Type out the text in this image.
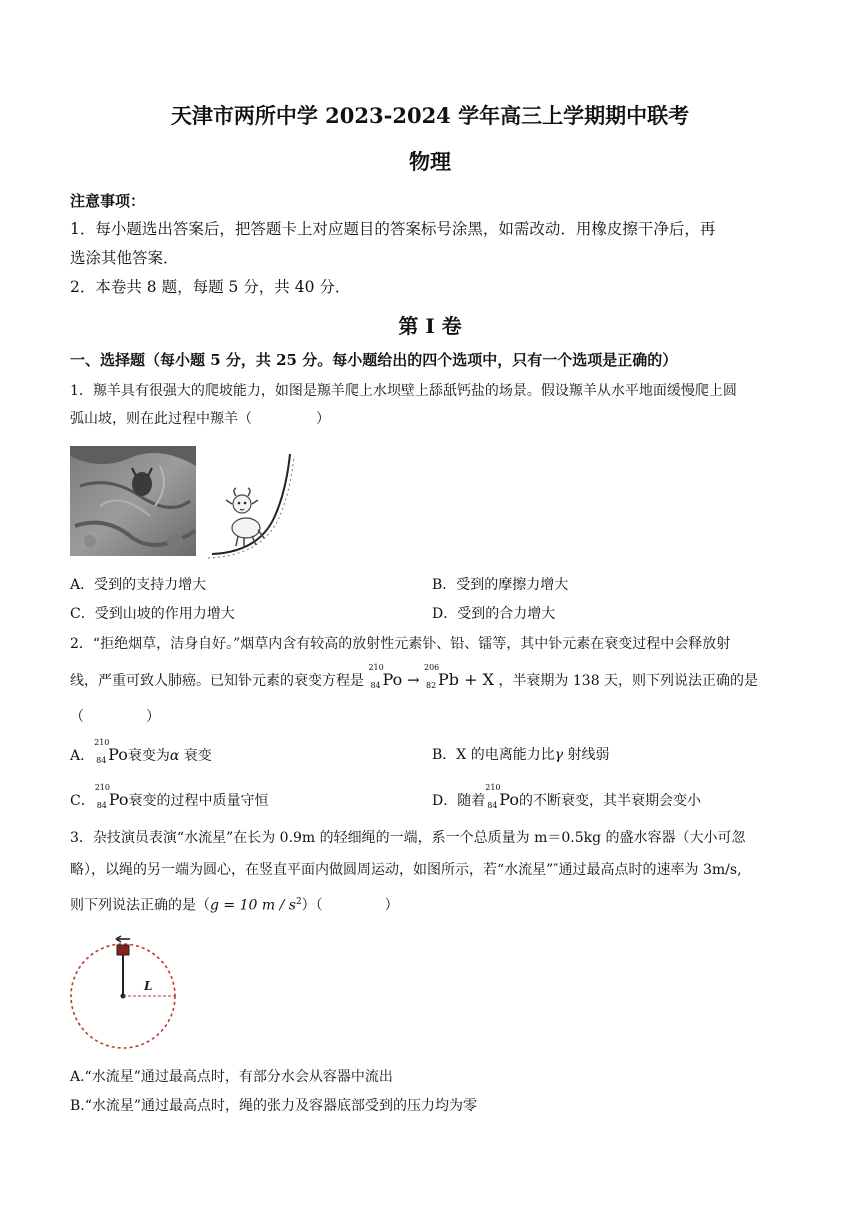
天津市两所中学 2023-2024 学年高三上学期期中联考
物理
注意事项：
1．每小题选出答案后，把答题卡上对应题目的答案标号涂黑，如需改动．用橡皮擦干净后，再
选涂其他答案．
2．本卷共 8 题，每题 5 分，共 40 分．
第 I 卷
一、选择题（每小题 5 分，共 25 分。每小题给出的四个选项中，只有一个选项是正确的）
1．羱羊具有很强大的爬坡能力，如图是羱羊爬上水坝壁上舔舐钙盐的场景。假设羱羊从水平地面缓慢爬上圆
弧山坡，则在此过程中羱羊（	）
A．受到的支持力增大	B．受到的摩擦力增大
C．受到山坡的作用力增大	D．受到的合力增大
2．“拒绝烟草，洁身自好。”烟草内含有较高的放射性元素钋、铅、镭等，其中钋元素在衰变过程中会释放射
线，严重可致人肺癌。已知钋元素的衰变方程是
210
84 Po →
206
82 Pb + X ，半衰期为 138 天，则下列说法正确的是
（	）
A．
210
84 Po衰变为α 衰变	B．X 的电离能力比γ 射线弱
C．
210
84 Po衰变的过程中质量守恒	D．随着
210
84 Po的不断衰变，其半衰期会变小
3．杂技演员表演“水流星”在长为 0.9m 的轻细绳的一端，系一个总质量为 m＝0.5kg 的盛水容器（大小可忽
略），以绳的另一端为圆心，在竖直平面内做圆周运动，如图所示，若“水流星”″通过最高点时的速率为 3m/s,
则下列说法正确的是（g = 10 m / $s^2$）（	）
L
A.“水流星”通过最高点时，有部分水会从容器中流出
B.“水流星”通过最高点时，绳的张力及容器底部受到的压力均为零
